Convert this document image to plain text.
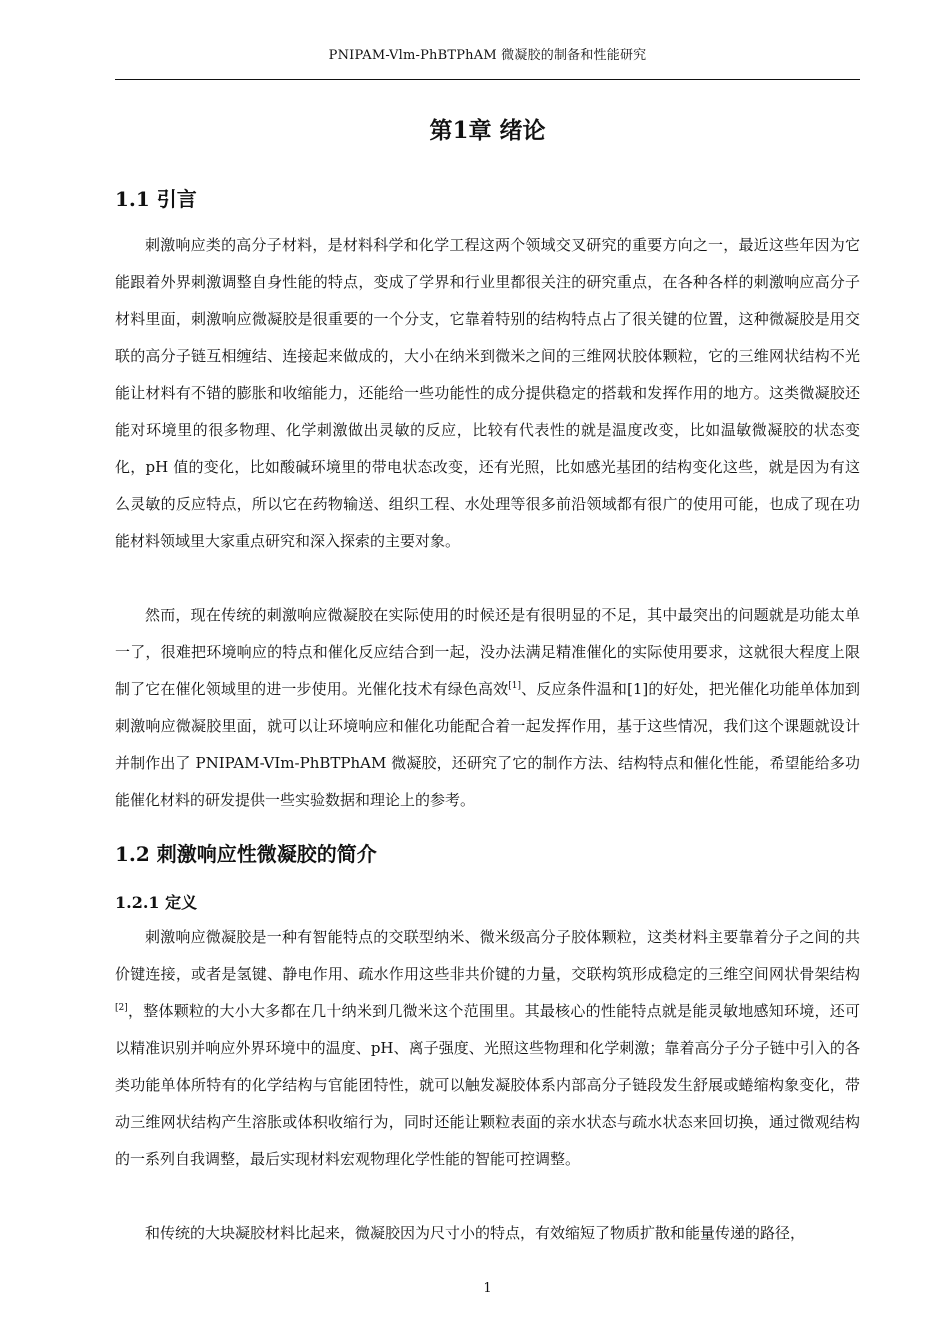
PNIPAM-Vlm-PhBTPhAM 微凝胶的制备和性能研究
第1章 绪论
1.1 引言
刺激响应类的高分子材料，是材料科学和化学工程这两个领域交叉研究的重要方向之一，最近这些年因为它能跟着外界刺激调整自身性能的特点，变成了学界和行业里都很关注的研究重点，在各种各样的刺激响应高分子材料里面，刺激响应微凝胶是很重要的一个分支，它靠着特别的结构特点占了很关键的位置，这种微凝胶是用交联的高分子链互相缠结、连接起来做成的，大小在纳米到微米之间的三维网状胶体颗粒，它的三维网状结构不光能让材料有不错的膨胀和收缩能力，还能给一些功能性的成分提供稳定的搭载和发挥作用的地方。这类微凝胶还能对环境里的很多物理、化学刺激做出灵敏的反应，比较有代表性的就是温度改变，比如温敏微凝胶的状态变化，pH 值的变化，比如酸碱环境里的带电状态改变，还有光照，比如感光基团的结构变化这些，就是因为有这么灵敏的反应特点，所以它在药物输送、组织工程、水处理等很多前沿领域都有很广的使用可能，也成了现在功能材料领域里大家重点研究和深入探索的主要对象。
然而，现在传统的刺激响应微凝胶在实际使用的时候还是有很明显的不足，其中最突出的问题就是功能太单一了，很难把环境响应的特点和催化反应结合到一起，没办法满足精准催化的实际使用要求，这就很大程度上限制了它在催化领域里的进一步使用。光催化技术有绿色高效[1]、反应条件温和[1]的好处，把光催化功能单体加到刺激响应微凝胶里面，就可以让环境响应和催化功能配合着一起发挥作用，基于这些情况，我们这个课题就设计并制作出了 PNIPAM-VIm-PhBTPhAM 微凝胶，还研究了它的制作方法、结构特点和催化性能，希望能给多功能催化材料的研发提供一些实验数据和理论上的参考。
1.2 刺激响应性微凝胶的简介
1.2.1 定义
刺激响应微凝胶是一种有智能特点的交联型纳米、微米级高分子胶体颗粒，这类材料主要靠着分子之间的共价键连接，或者是氢键、静电作用、疏水作用这些非共价键的力量，交联构筑形成稳定的三维空间网状骨架结构[2]，整体颗粒的大小大多都在几十纳米到几微米这个范围里。其最核心的性能特点就是能灵敏地感知环境，还可以精准识别并响应外界环境中的温度、pH、离子强度、光照这些物理和化学刺激；靠着高分子分子链中引入的各类功能单体所特有的化学结构与官能团特性，就可以触发凝胶体系内部高分子链段发生舒展或蜷缩构象变化，带动三维网状结构产生溶胀或体积收缩行为，同时还能让颗粒表面的亲水状态与疏水状态来回切换，通过微观结构的一系列自我调整，最后实现材料宏观物理化学性能的智能可控调整。
和传统的大块凝胶材料比起来，微凝胶因为尺寸小的特点，有效缩短了物质扩散和能量传递的路径，
1
